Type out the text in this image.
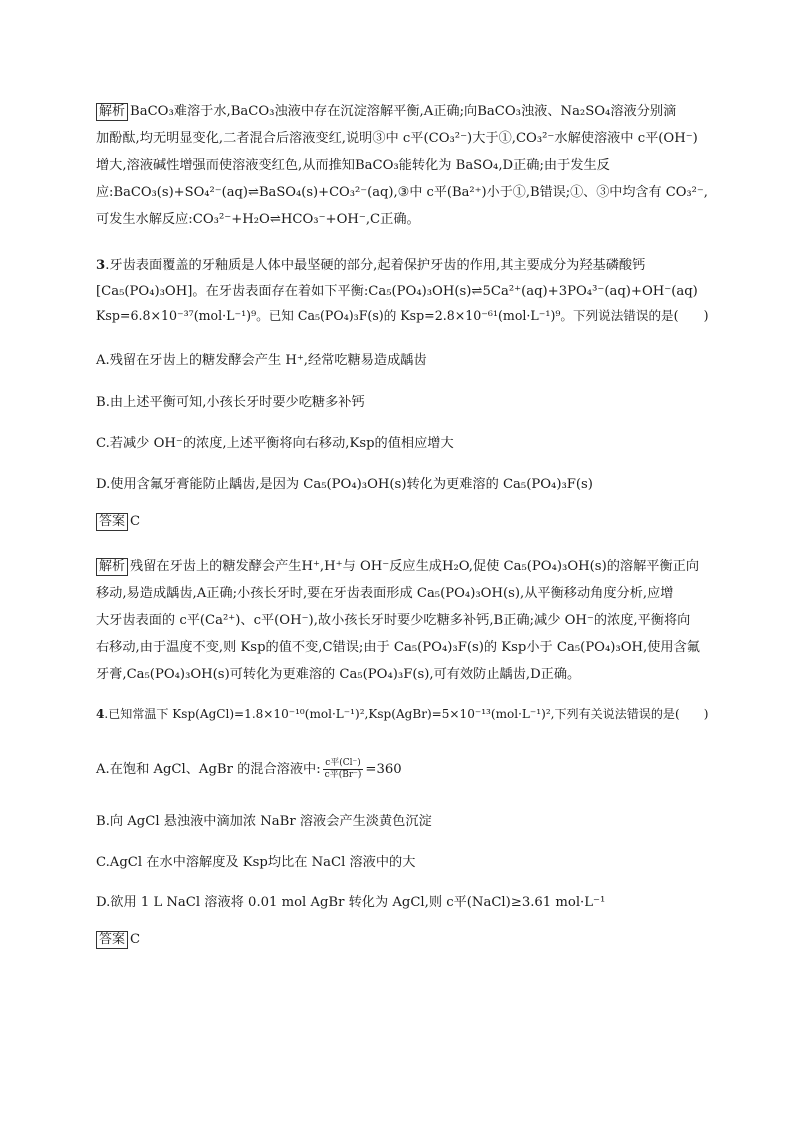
解析 BaCO₃难溶于水,BaCO₃浊液中存在沉淀溶解平衡,A正确;向BaCO₃浊液、Na₂SO₄溶液分别滴
加酚酞,均无明显变化,二者混合后溶液变红,说明③中 c平(CO₃²⁻)大于①,CO₃²⁻水解使溶液中 c平(OH⁻)
增大,溶液碱性增强而使溶液变红色,从而推知BaCO₃能转化为 BaSO₄,D正确;由于发生反
应:BaCO₃(s)+SO₄²⁻(aq)⇌BaSO₄(s)+CO₃²⁻(aq),③中 c平(Ba²⁺)小于①,B错误;①、③中均含有 CO₃²⁻,
可发生水解反应:CO₃²⁻+H₂O⇌HCO₃⁻+OH⁻,C正确。
3.牙齿表面覆盖的牙釉质是人体中最坚硬的部分,起着保护牙齿的作用,其主要成分为羟基磷酸钙
[Ca₅(PO₄)₃OH]。在牙齿表面存在着如下平衡:Ca₅(PO₄)₃OH(s)⇌5Ca²⁺(aq)+3PO₄³⁻(aq)+OH⁻(aq)
Ksp=6.8×10⁻³⁷(mol·L⁻¹)⁹。已知 Ca₅(PO₄)₃F(s)的 Ksp=2.8×10⁻⁶¹(mol·L⁻¹)⁹。下列说法错误的是(　　)
A.残留在牙齿上的糖发酵会产生 H⁺,经常吃糖易造成龋齿
B.由上述平衡可知,小孩长牙时要少吃糖多补钙
C.若减少 OH⁻的浓度,上述平衡将向右移动,Ksp的值相应增大
D.使用含氟牙膏能防止龋齿,是因为 Ca₅(PO₄)₃OH(s)转化为更难溶的 Ca₅(PO₄)₃F(s)
答案 C
解析 残留在牙齿上的糖发酵会产生H⁺,H⁺与 OH⁻反应生成H₂O,促使 Ca₅(PO₄)₃OH(s)的溶解平衡正向
移动,易造成龋齿,A正确;小孩长牙时,要在牙齿表面形成 Ca₅(PO₄)₃OH(s),从平衡移动角度分析,应增
大牙齿表面的 c平(Ca²⁺)、c平(OH⁻),故小孩长牙时要少吃糖多补钙,B正确;减少 OH⁻的浓度,平衡将向
右移动,由于温度不变,则 Ksp的值不变,C错误;由于 Ca₅(PO₄)₃F(s)的 Ksp小于 Ca₅(PO₄)₃OH,使用含氟
牙膏,Ca₅(PO₄)₃OH(s)可转化为更难溶的 Ca₅(PO₄)₃F(s),可有效防止龋齿,D正确。
4.已知常温下 Ksp(AgCl)=1.8×10⁻¹⁰(mol·L⁻¹)²,Ksp(AgBr)=5×10⁻¹³(mol·L⁻¹)²,下列有关说法错误的是(　　)
A.在饱和 AgCl、AgBr 的混合溶液中: $\frac{\text{c平(Cl⁻)}}{\text{c平(Br⁻)}} =360$
B.向 AgCl 悬浊液中滴加浓 NaBr 溶液会产生淡黄色沉淀
C.AgCl 在水中溶解度及 Ksp均比在 NaCl 溶液中的大
D.欲用 1 L NaCl 溶液将 0.01 mol AgBr 转化为 AgCl,则 c平(NaCl)≥3.61 mol·L⁻¹
答案 C
